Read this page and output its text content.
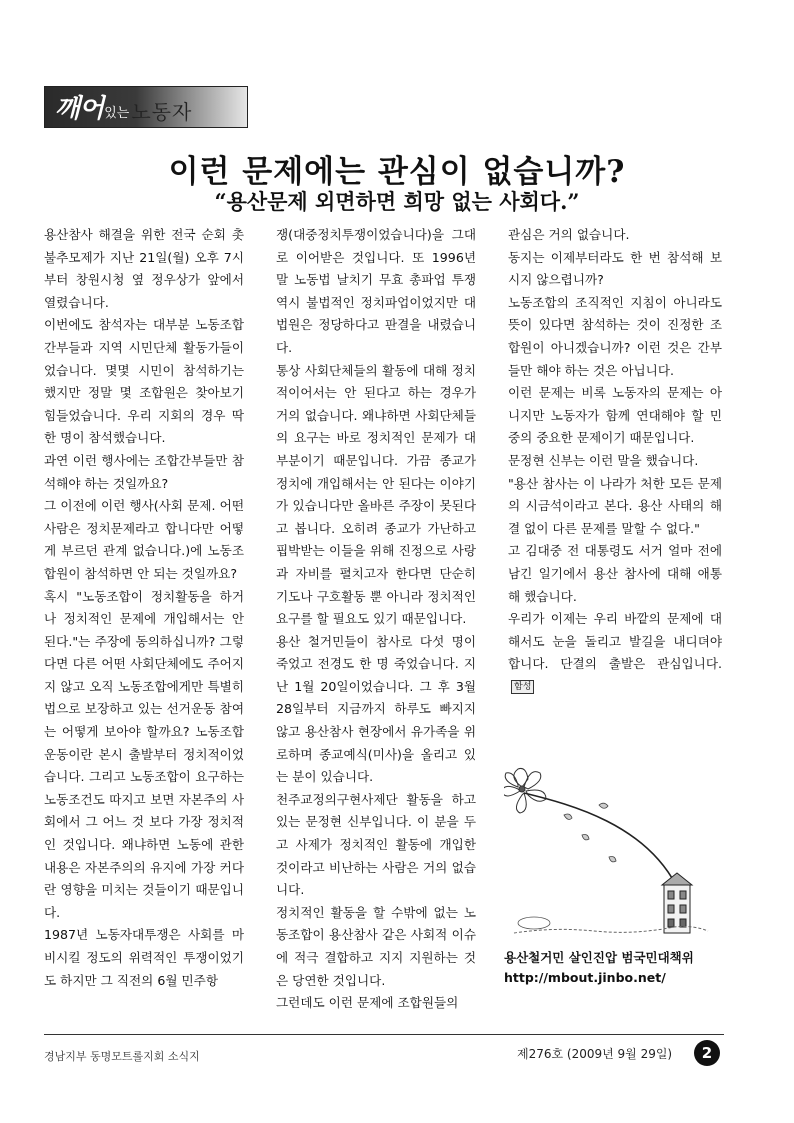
깨어 있는 노동자
이런 문제에는 관심이 없습니까?
“용산문제 외면하면 희망 없는 사회다.”

용산참사 해결을 위한 전국 순회 촛불추모제가 지난 21일(월) 오후 7시부터 창원시청 옆 정우상가 앞에서 열렸습니다.

이번에도 참석자는 대부분 노동조합 간부들과 지역 시민단체 활동가들이었습니다. 몇몇 시민이 참석하기는 했지만 정말 몇 조합원은 찾아보기 힘들었습니다. 우리 지회의 경우 딱 한 명이 참석했습니다.

과연 이런 행사에는 조합간부들만 참석해야 하는 것일까요?

그 이전에 이런 행사(사회 문제. 어떤 사람은 정치문제라고 합니다만 어떻게 부르던 관계 없습니다.)에 노동조합원이 참석하면 안 되는 것일까요?

혹시 "노동조합이 정치활동을 하거나 정치적인 문제에 개입해서는 안 된다."는 주장에 동의하십니까? 그렇다면 다른 어떤 사회단체에도 주어지지 않고 오직 노동조합에게만 특별히 법으로 보장하고 있는 선거운동 참여는 어떻게 보아야 할까요? 노동조합 운동이란 본시 출발부터 정치적이었습니다. 그리고 노동조합이 요구하는 노동조건도 따지고 보면 자본주의 사회에서 그 어느 것 보다 가장 정치적인 것입니다. 왜냐하면 노동에 관한 내용은 자본주의의 유지에 가장 커다란 영향을 미치는 것들이기 때문입니다.

1987년 노동자대투쟁은 사회를 마비시킬 정도의 위력적인 투쟁이었기도 하지만 그 직전의 6월 민주항

쟁(대중정치투쟁이었습니다)을 그대로 이어받은 것입니다. 또 1996년 말 노동법 날치기 무효 총파업 투쟁 역시 불법적인 정치파업이었지만 대법원은 정당하다고 판결을 내렸습니다.

통상 사회단체들의 활동에 대해 정치적이어서는 안 된다고 하는 경우가 거의 없습니다. 왜냐하면 사회단체들의 요구는 바로 정치적인 문제가 대부분이기 때문입니다. 가끔 종교가 정치에 개입해서는 안 된다는 이야기가 있습니다만 올바른 주장이 못된다고 봅니다. 오히려 종교가 가난하고 핍박받는 이들을 위해 진정으로 사랑과 자비를 펼치고자 한다면 단순히 기도나 구호활동 뿐 아니라 정치적인 요구를 할 필요도 있기 때문입니다.

용산 철거민들이 참사로 다섯 명이 죽었고 전경도 한 명 죽었습니다. 지난 1월 20일이었습니다. 그 후 3월 28일부터 지금까지 하루도 빠지지 않고 용산참사 현장에서 유가족을 위로하며 종교예식(미사)을 올리고 있는 분이 있습니다.

천주교정의구현사제단 활동을 하고 있는 문정현 신부입니다. 이 분을 두고 사제가 정치적인 활동에 개입한 것이라고 비난하는 사람은 거의 없습니다.

정치적인 활동을 할 수밖에 없는 노동조합이 용산참사 같은 사회적 이슈에 적극 결합하고 지지 지원하는 것은 당연한 것입니다.

그런데도 이런 문제에 조합원들의

관심은 거의 없습니다.

동지는 이제부터라도 한 번 참석해 보시지 않으렵니까?

노동조합의 조직적인 지침이 아니라도 뜻이 있다면 참석하는 것이 진정한 조합원이 아니겠습니까? 이런 것은 간부들만 해야 하는 것은 아닙니다.

이런 문제는 비록 노동자의 문제는 아니지만 노동자가 함께 연대해야 할 민중의 중요한 문제이기 때문입니다.

문정현 신부는 이런 말을 했습니다.

"용산 참사는 이 나라가 처한 모든 문제의 시금석이라고 본다. 용산 사태의 해결 없이 다른 문제를 말할 수 없다."

고 김대중 전 대통령도 서거 얼마 전에 남긴 일기에서 용산 참사에 대해 애통해 했습니다.

우리가 이제는 우리 바깥의 문제에 대해서도 눈을 돌리고 발길을 내디뎌야 합니다. 단결의 출발은 관심입니다.함성

용산철거민 살인진압 범국민대책위
http://mbout.jinbo.net/
경남지부 동명모트롤지회 소식지	제276호 (2009년 9월 29일)	2
